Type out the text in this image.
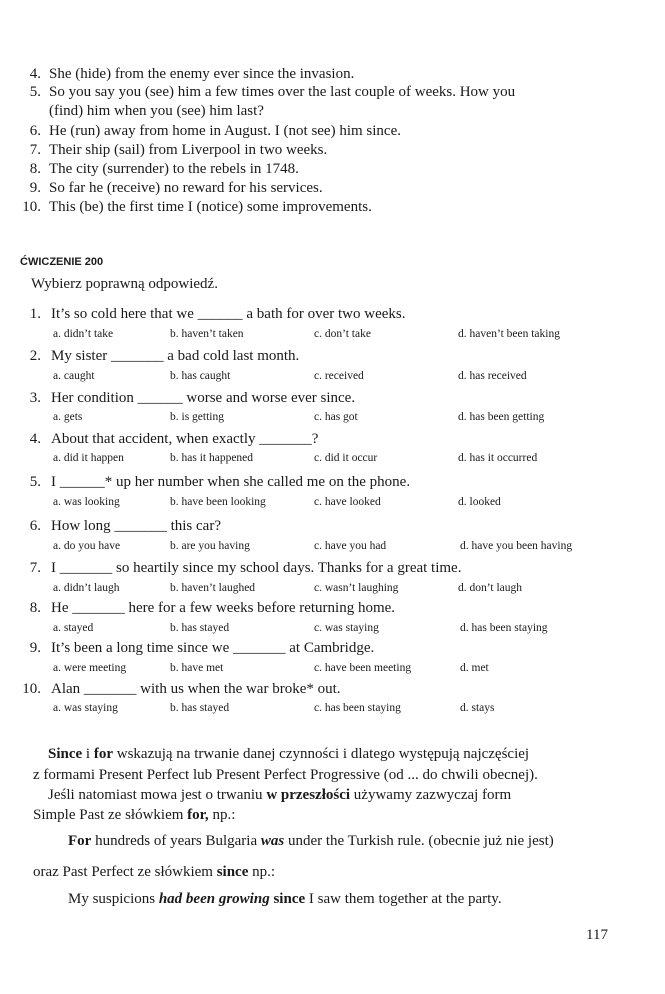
4. She (hide) from the enemy ever since the invasion.
5. So you say you (see) him a few times over the last couple of weeks. How you
(find) him when you (see) him last?
6. He (run) away from home in August. I (not see) him since.
7. Their ship (sail) from Liverpool in two weeks.
8. The city (surrender) to the rebels in 1748.
9. So far he (receive) no reward for his services.
10. This (be) the first time I (notice) some improvements.
ĆWICZENIE 200
Wybierz poprawną odpowiedź.
1. It’s so cold here that we ______ a bath for over two weeks.
a. didn’t take	b. haven’t taken	c. don’t take	d. haven’t been taking
2. My sister _______ a bad cold last month.
a. caught	b. has caught	c. received	d. has received
3. Her condition ______ worse and worse ever since.
a. gets	b. is getting	c. has got	d. has been getting
4. About that accident, when exactly _______?
a. did it happen	b. has it happened	c. did it occur	d. has it occurred
5. I ______* up her number when she called me on the phone.
a. was looking	b. have been looking	c. have looked	d. looked
6. How long _______ this car?
a. do you have	b. are you having	c. have you had	d. have you been having
7. I _______ so heartily since my school days. Thanks for a great time.
a. didn’t laugh	b. haven’t laughed	c. wasn’t laughing	d. don’t laugh
8. He _______ here for a few weeks before returning home.
a. stayed	b. has stayed	c. was staying	d. has been staying
9. It’s been a long time since we _______ at Cambridge.
a. were meeting	b. have met	c. have been meeting	d. met
10. Alan _______ with us when the war broke* out.
a. was staying	b. has stayed	c. has been staying	d. stays
Since i for wskazują na trwanie danej czynności i dlatego występują najczęściej
z formami Present Perfect lub Present Perfect Progressive (od ... do chwili obecnej).
Jeśli natomiast mowa jest o trwaniu w przeszłości używamy zazwyczaj form
Simple Past ze słówkiem for, np.:
For hundreds of years Bulgaria was under the Turkish rule. (obecnie już nie jest)
oraz Past Perfect ze słówkiem since np.:
My suspicions had been growing since I saw them together at the party.
117
